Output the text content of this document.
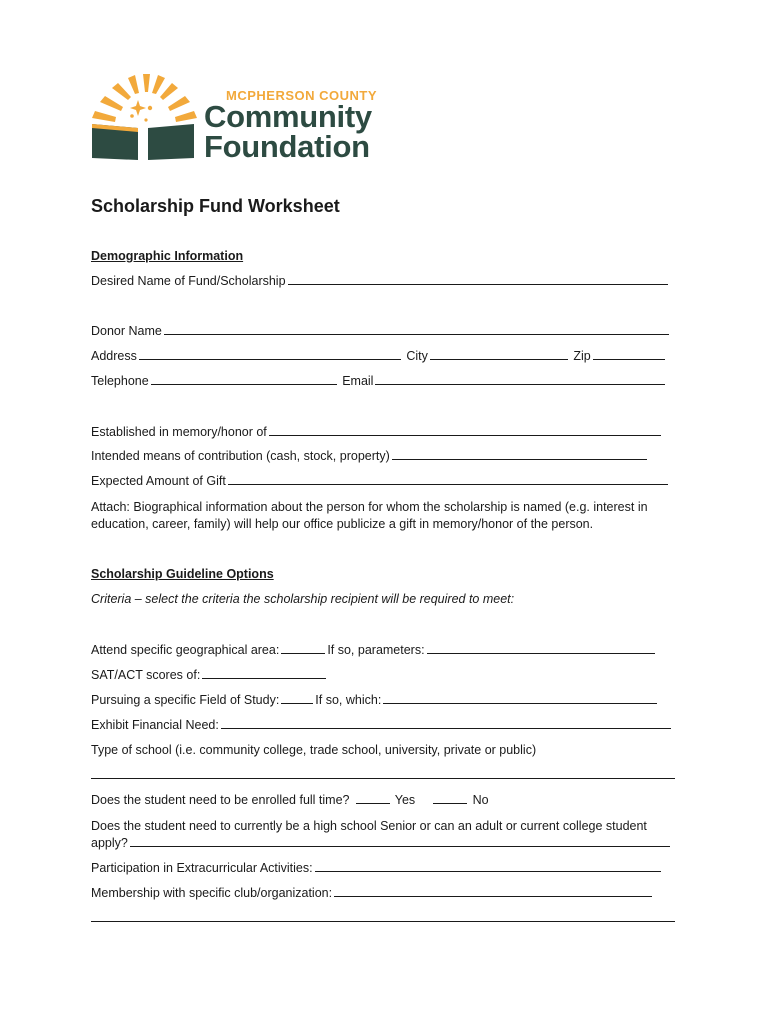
MCPHERSON COUNTY
Community
Foundation
Scholarship Fund Worksheet
Demographic Information
Desired Name of Fund/Scholarship
Donor Name
Address	City	Zip
Telephone	Email
Established in memory/honor of
Intended means of contribution (cash, stock, property)
Expected Amount of Gift
Attach: Biographical information about the person for whom the scholarship is named (e.g. interest in education, career, family) will help our office publicize a gift in memory/honor of the person.
Scholarship Guideline Options
Criteria – select the criteria the scholarship recipient will be required to meet:
Attend specific geographical area:	If so, parameters:
SAT/ACT scores of:
Pursuing a specific Field of Study:	If so, which:
Exhibit Financial Need:
Type of school (i.e. community college, trade school, university, private or public)
Does the student need to be enrolled full time?	Yes	No
Does the student need to currently be a high school Senior or can an adult or current college student apply?
Participation in Extracurricular Activities:
Membership with specific club/organization:
